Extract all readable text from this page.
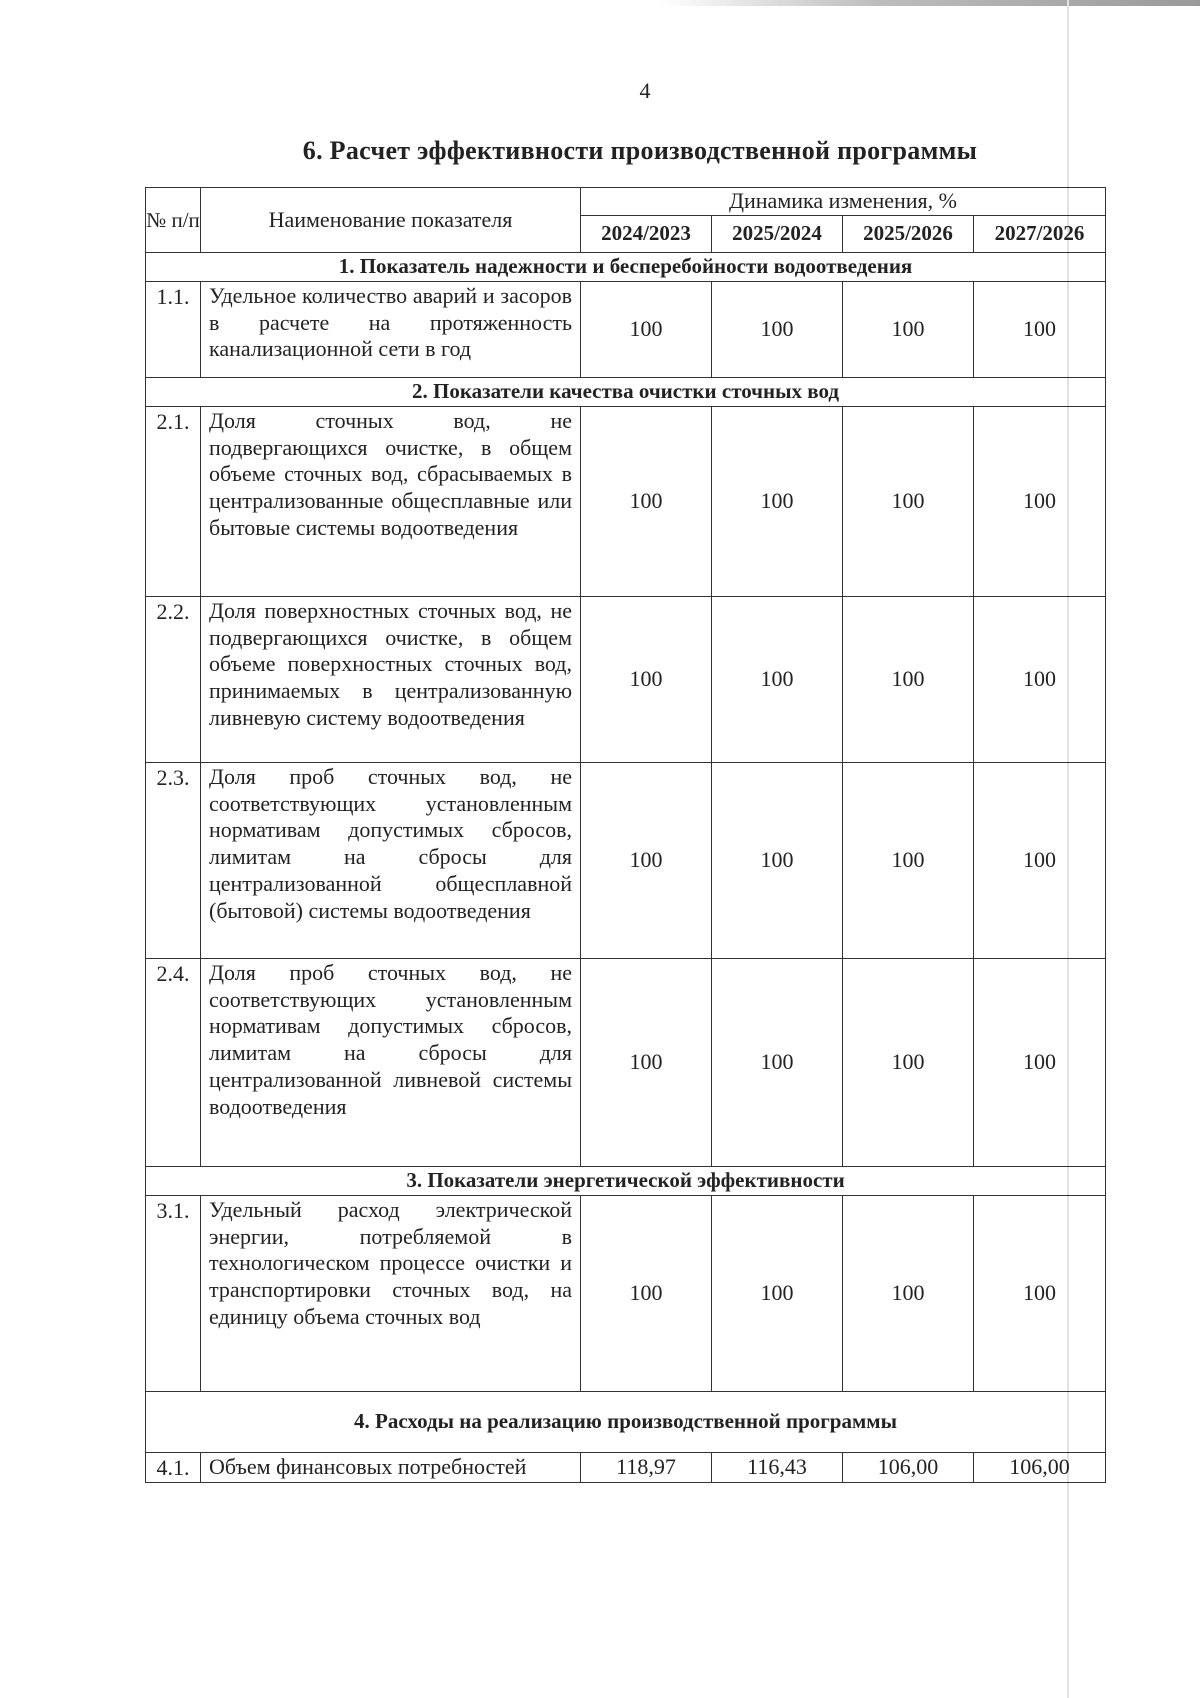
4
6. Расчет эффективности производственной программы
№ п/п	Наименование показателя	Динамика изменения, %			
		2024/2023	2025/2024	2025/2026	2027/2026
1. Показатель надежности и бесперебойности водоотведения					
1.1.	Удельное количество аварий и засоров в расчете на протяженность канализационной сети в год	100	100	100	100
2. Показатели качества очистки сточных вод					
2.1.	Доля сточных вод, не подвергающихся очистке, в общем объеме сточных вод, сбрасываемых в централизованные общесплавные или бытовые системы водоотведения	100	100	100	100
2.2.	Доля поверхностных сточных вод, не подвергающихся очистке, в общем объеме поверхностных сточных вод, принимаемых в централизованную ливневую систему водоотведения	100	100	100	100
2.3.	Доля проб сточных вод, не соответствующих установленным нормативам допустимых сбросов, лимитам на сбросы для централизованной общесплавной (бытовой) системы водоотведения	100	100	100	100
2.4.	Доля проб сточных вод, не соответствующих установленным нормативам допустимых сбросов, лимитам на сбросы для централизованной ливневой системы водоотведения	100	100	100	100
3. Показатели энергетической эффективности					
3.1.	Удельный расход электрической энергии, потребляемой в технологическом процессе очистки и транспортировки сточных вод, на единицу объема сточных вод	100	100	100	100
4. Расходы на реализацию производственной программы					
4.1.	Объем финансовых потребностей	118,97	116,43	106,00	106,00
